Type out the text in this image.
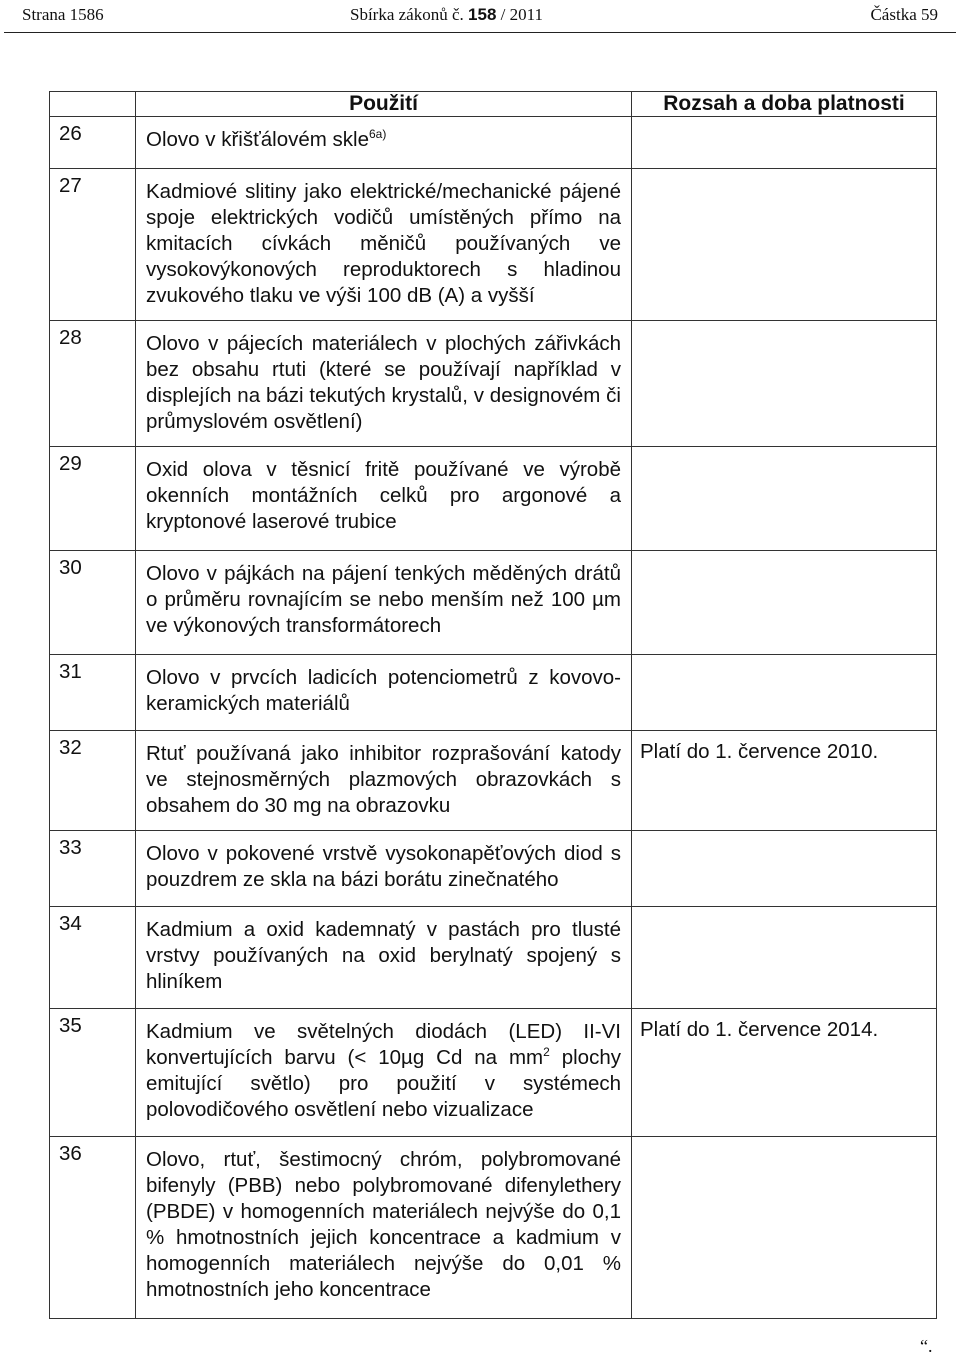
Strana 1586	Sbírka zákonů č. 158 / 2011	Částka 59
	Použití	Rozsah a doba platnosti
26	Olovo v křišťálovém skle$^{6a)}$

27	Kadmiové slitiny jako elektrické/mechanické pájené spoje elektrických vodičů umístěných přímo na kmitacích cívkách měničů používaných ve vysokovýkonových reproduktorech s hladinou zvukového tlaku ve výši 100 dB (A) a vyšší	

28	Olovo v pájecích materiálech v plochých zářivkách bez obsahu rtuti (které se používají například v displejích na bázi tekutých krystalů, v designovém či průmyslovém osvětlení)	

29	Oxid olova v těsnicí fritě používané ve výrobě okenních montážních celků pro argonové a kryptonové laserové trubice	

30	Olovo v pájkách na pájení tenkých měděných drátů o průměru rovnajícím se nebo menším než 100 µm ve výkonových transformátorech	

31	Olovo v prvcích ladicích potenciometrů z kovovo-keramických materiálů	

32	Rtuť používaná jako inhibitor rozprašování katody ve stejnosměrných plazmových obrazovkách s obsahem do 30 mg na obrazovku	Platí do 1. července 2010.

33	Olovo v pokovené vrstvě vysokonapěťových diod s pouzdrem ze skla na bázi borátu zinečnatého	

34	Kadmium a oxid kademnatý v pastách pro tlusté vrstvy používaných na oxid berylnatý spojený s hliníkem	

35	Kadmium ve světelných diodách (LED) II-VI konvertujících barvu (< 10µg Cd na $mm^2$ plochy emitující světlo) pro použití v systémech polovodičového osvětlení nebo vizualizace	Platí do 1. července 2014.

36	Olovo, rtuť, šestimocný chróm, polybromované bifenyly (PBB) nebo polybromované difenylethery (PBDE) v homogenních materiálech nejvýše do 0,1 % hmotnostních jejich koncentrace a kadmium v homogenních materiálech nejvýše do 0,01 % hmotnostních jeho koncentrace	

“.
